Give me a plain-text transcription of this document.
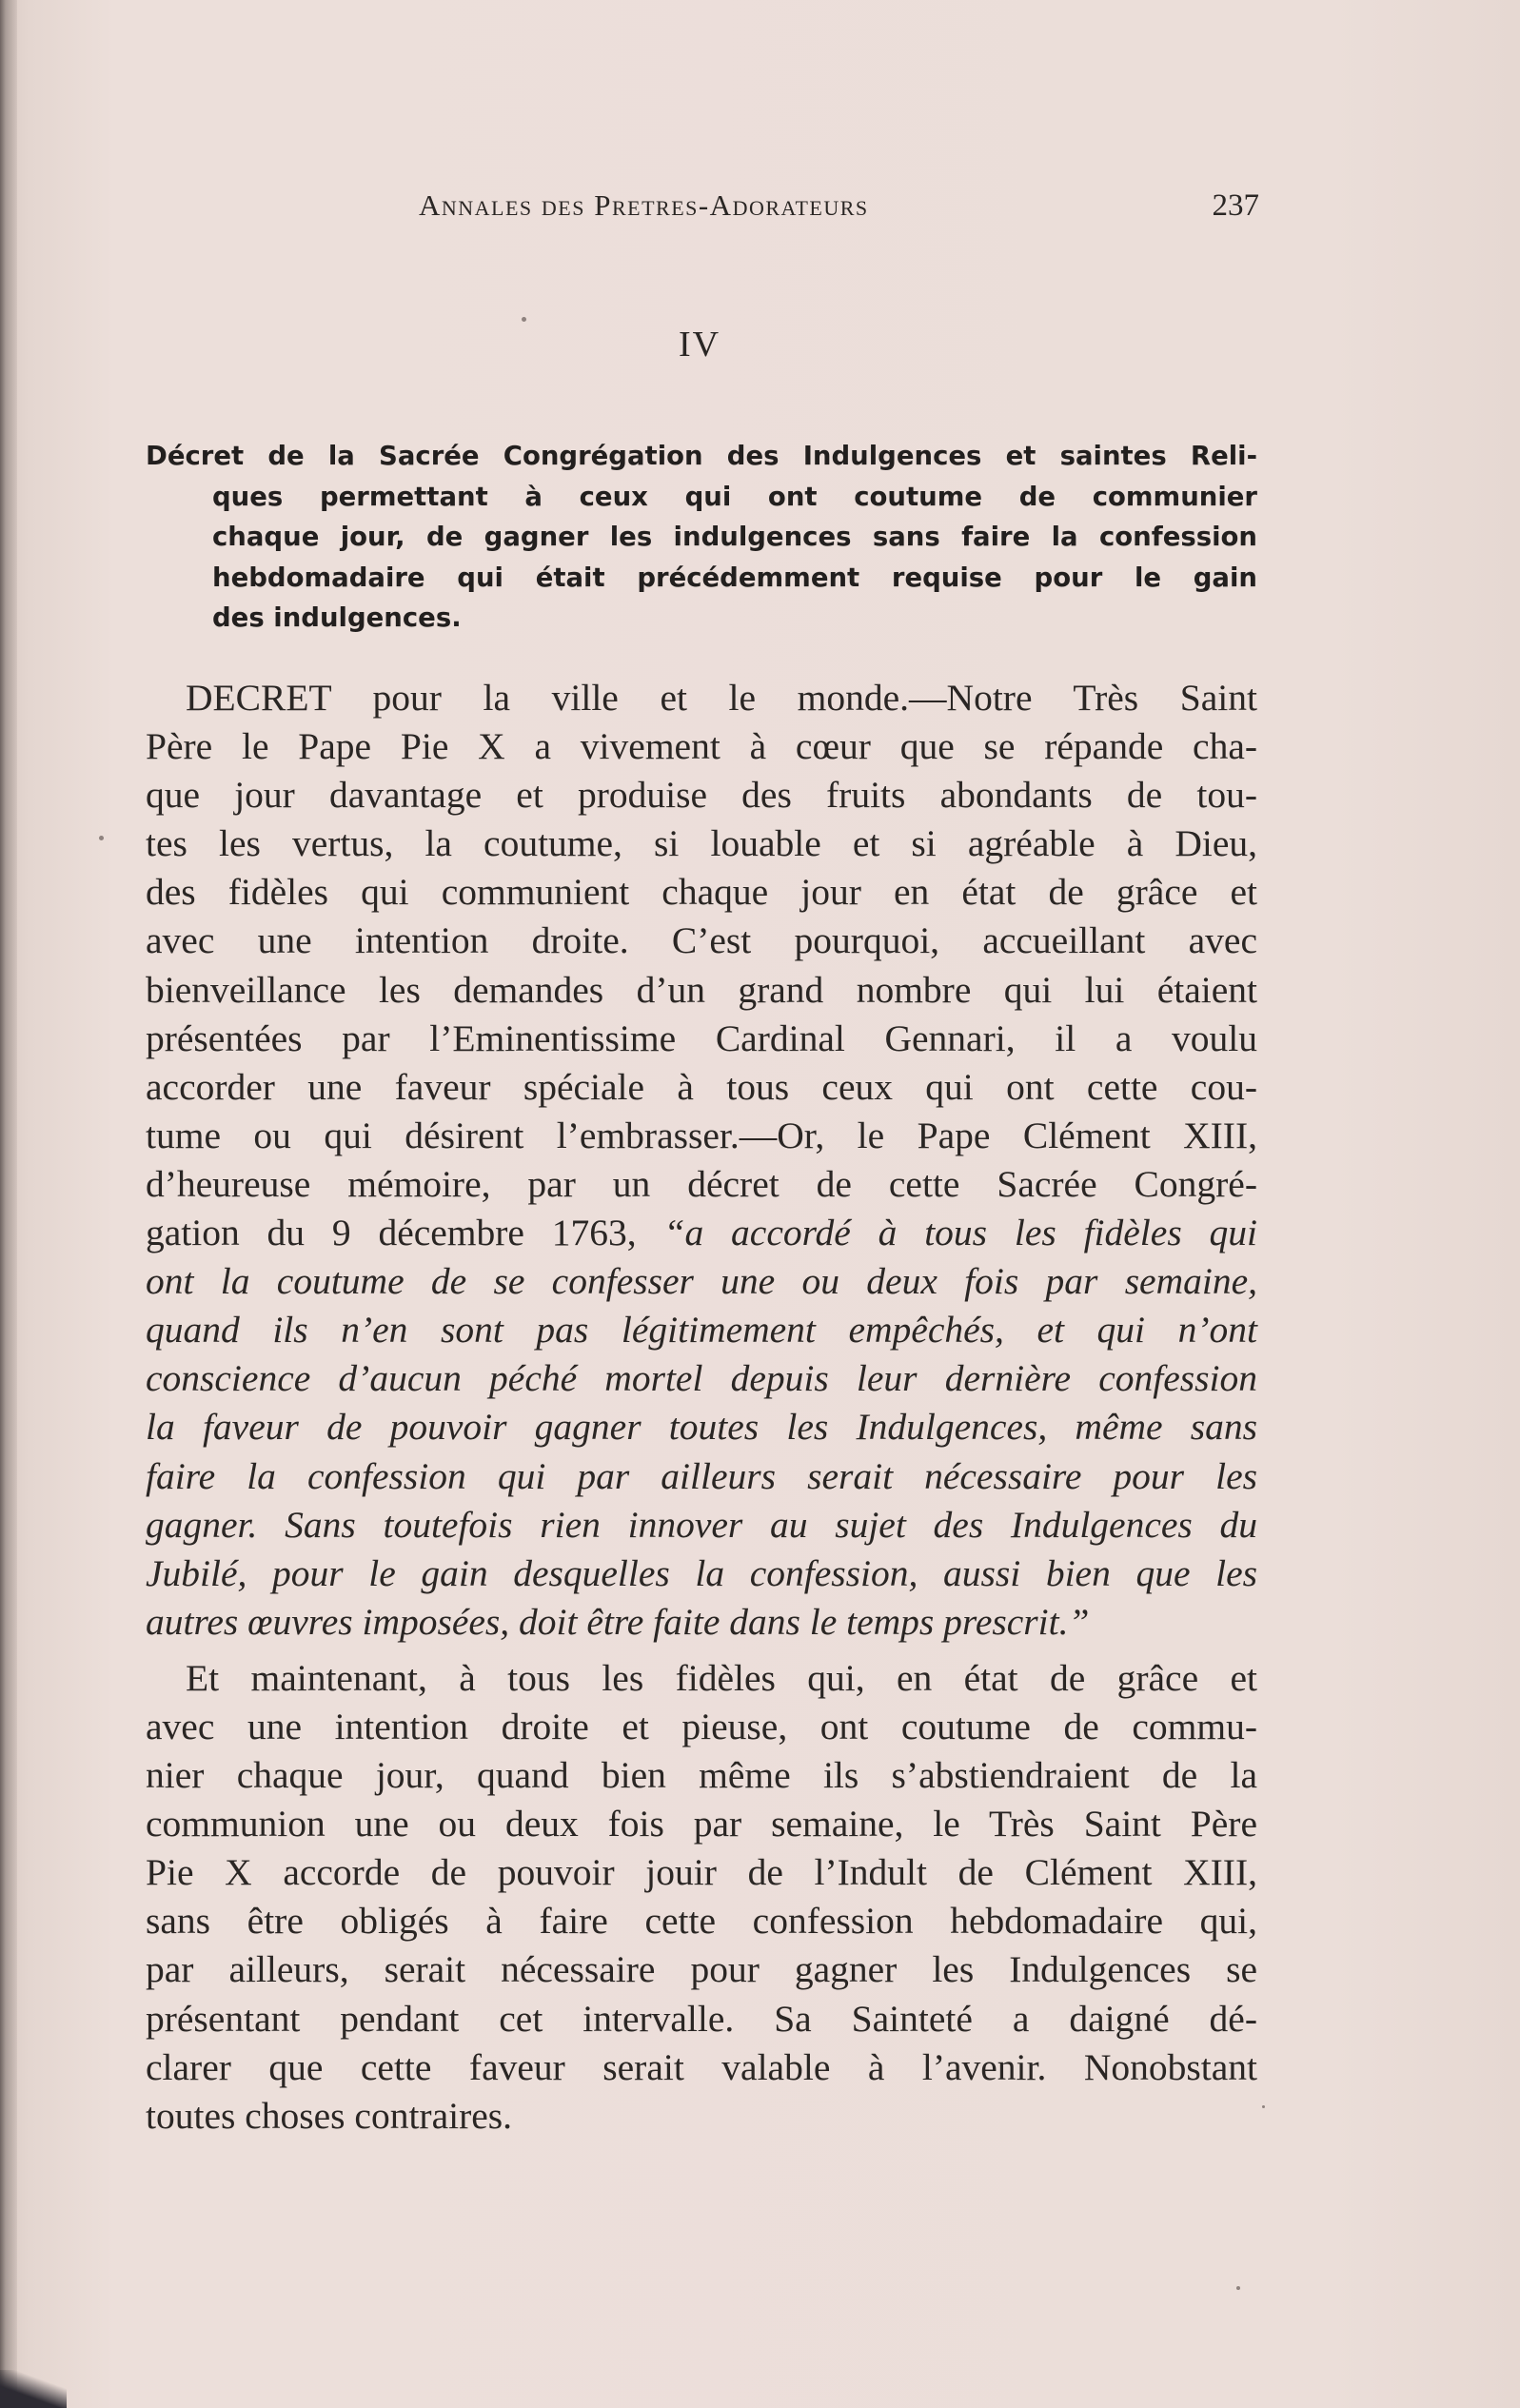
Annales des Pretres-Adorateurs	237
IV
Décret de la Sacrée Congrégation des Indulgences et saintes Reli-
ques permettant à ceux qui ont coutume de communier
chaque jour, de gagner les indulgences sans faire la confession
hebdomadaire qui était précédemment requise pour le gain
des indulgences.
DECRET pour la ville et le monde.—Notre Très Saint
Père le Pape Pie X a vivement à cœur que se répande cha-
que jour davantage et produise des fruits abondants de tou-
tes les vertus, la coutume, si louable et si agréable à Dieu,
des fidèles qui communient chaque jour en état de grâce et
avec une intention droite. C’est pourquoi, accueillant avec
bienveillance les demandes d’un grand nombre qui lui étaient
présentées par l’Eminentissime Cardinal Gennari, il a voulu
accorder une faveur spéciale à tous ceux qui ont cette cou-
tume ou qui désirent l’embrasser.—Or, le Pape Clément XIII,
d’heureuse mémoire, par un décret de cette Sacrée Congré-
gation du 9 décembre 1763, “a accordé à tous les fidèles qui
ont la coutume de se confesser une ou deux fois par semaine,
quand ils n’en sont pas légitimement empêchés, et qui n’ont
conscience d’aucun péché mortel depuis leur dernière confession
la faveur de pouvoir gagner toutes les Indulgences, même sans
faire la confession qui par ailleurs serait nécessaire pour les
gagner. Sans toutefois rien innover au sujet des Indulgences du
Jubilé, pour le gain desquelles la confession, aussi bien que les
autres œuvres imposées, doit être faite dans le temps prescrit.”
Et maintenant, à tous les fidèles qui, en état de grâce et
avec une intention droite et pieuse, ont coutume de commu-
nier chaque jour, quand bien même ils s’abstiendraient de la
communion une ou deux fois par semaine, le Très Saint Père
Pie X accorde de pouvoir jouir de l’Indult de Clément XIII,
sans être obligés à faire cette confession hebdomadaire qui,
par ailleurs, serait nécessaire pour gagner les Indulgences se
présentant pendant cet intervalle. Sa Sainteté a daigné dé-
clarer que cette faveur serait valable à l’avenir. Nonobstant
toutes choses contraires.
